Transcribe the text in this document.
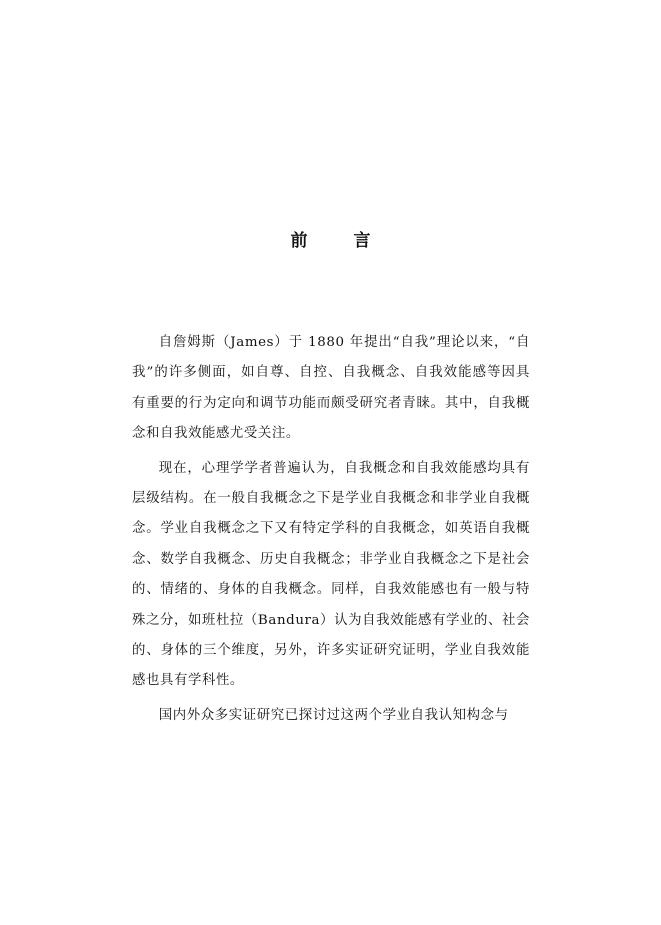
前言

自詹姆斯（James）于 1880 年提出“自我”理论以来，“自我”的许多侧面，如自尊、自控、自我概念、自我效能感等因具有重要的行为定向和调节功能而颇受研究者青睐。其中，自我概念和自我效能感尤受关注。

现在，心理学学者普遍认为，自我概念和自我效能感均具有层级结构。在一般自我概念之下是学业自我概念和非学业自我概念。学业自我概念之下又有特定学科的自我概念，如英语自我概念、数学自我概念、历史自我概念；非学业自我概念之下是社会的、情绪的、身体的自我概念。同样，自我效能感也有一般与特殊之分，如班杜拉（Bandura）认为自我效能感有学业的、社会的、身体的三个维度，另外，许多实证研究证明，学业自我效能感也具有学科性。

国内外众多实证研究已探讨过这两个学业自我认知构念与
